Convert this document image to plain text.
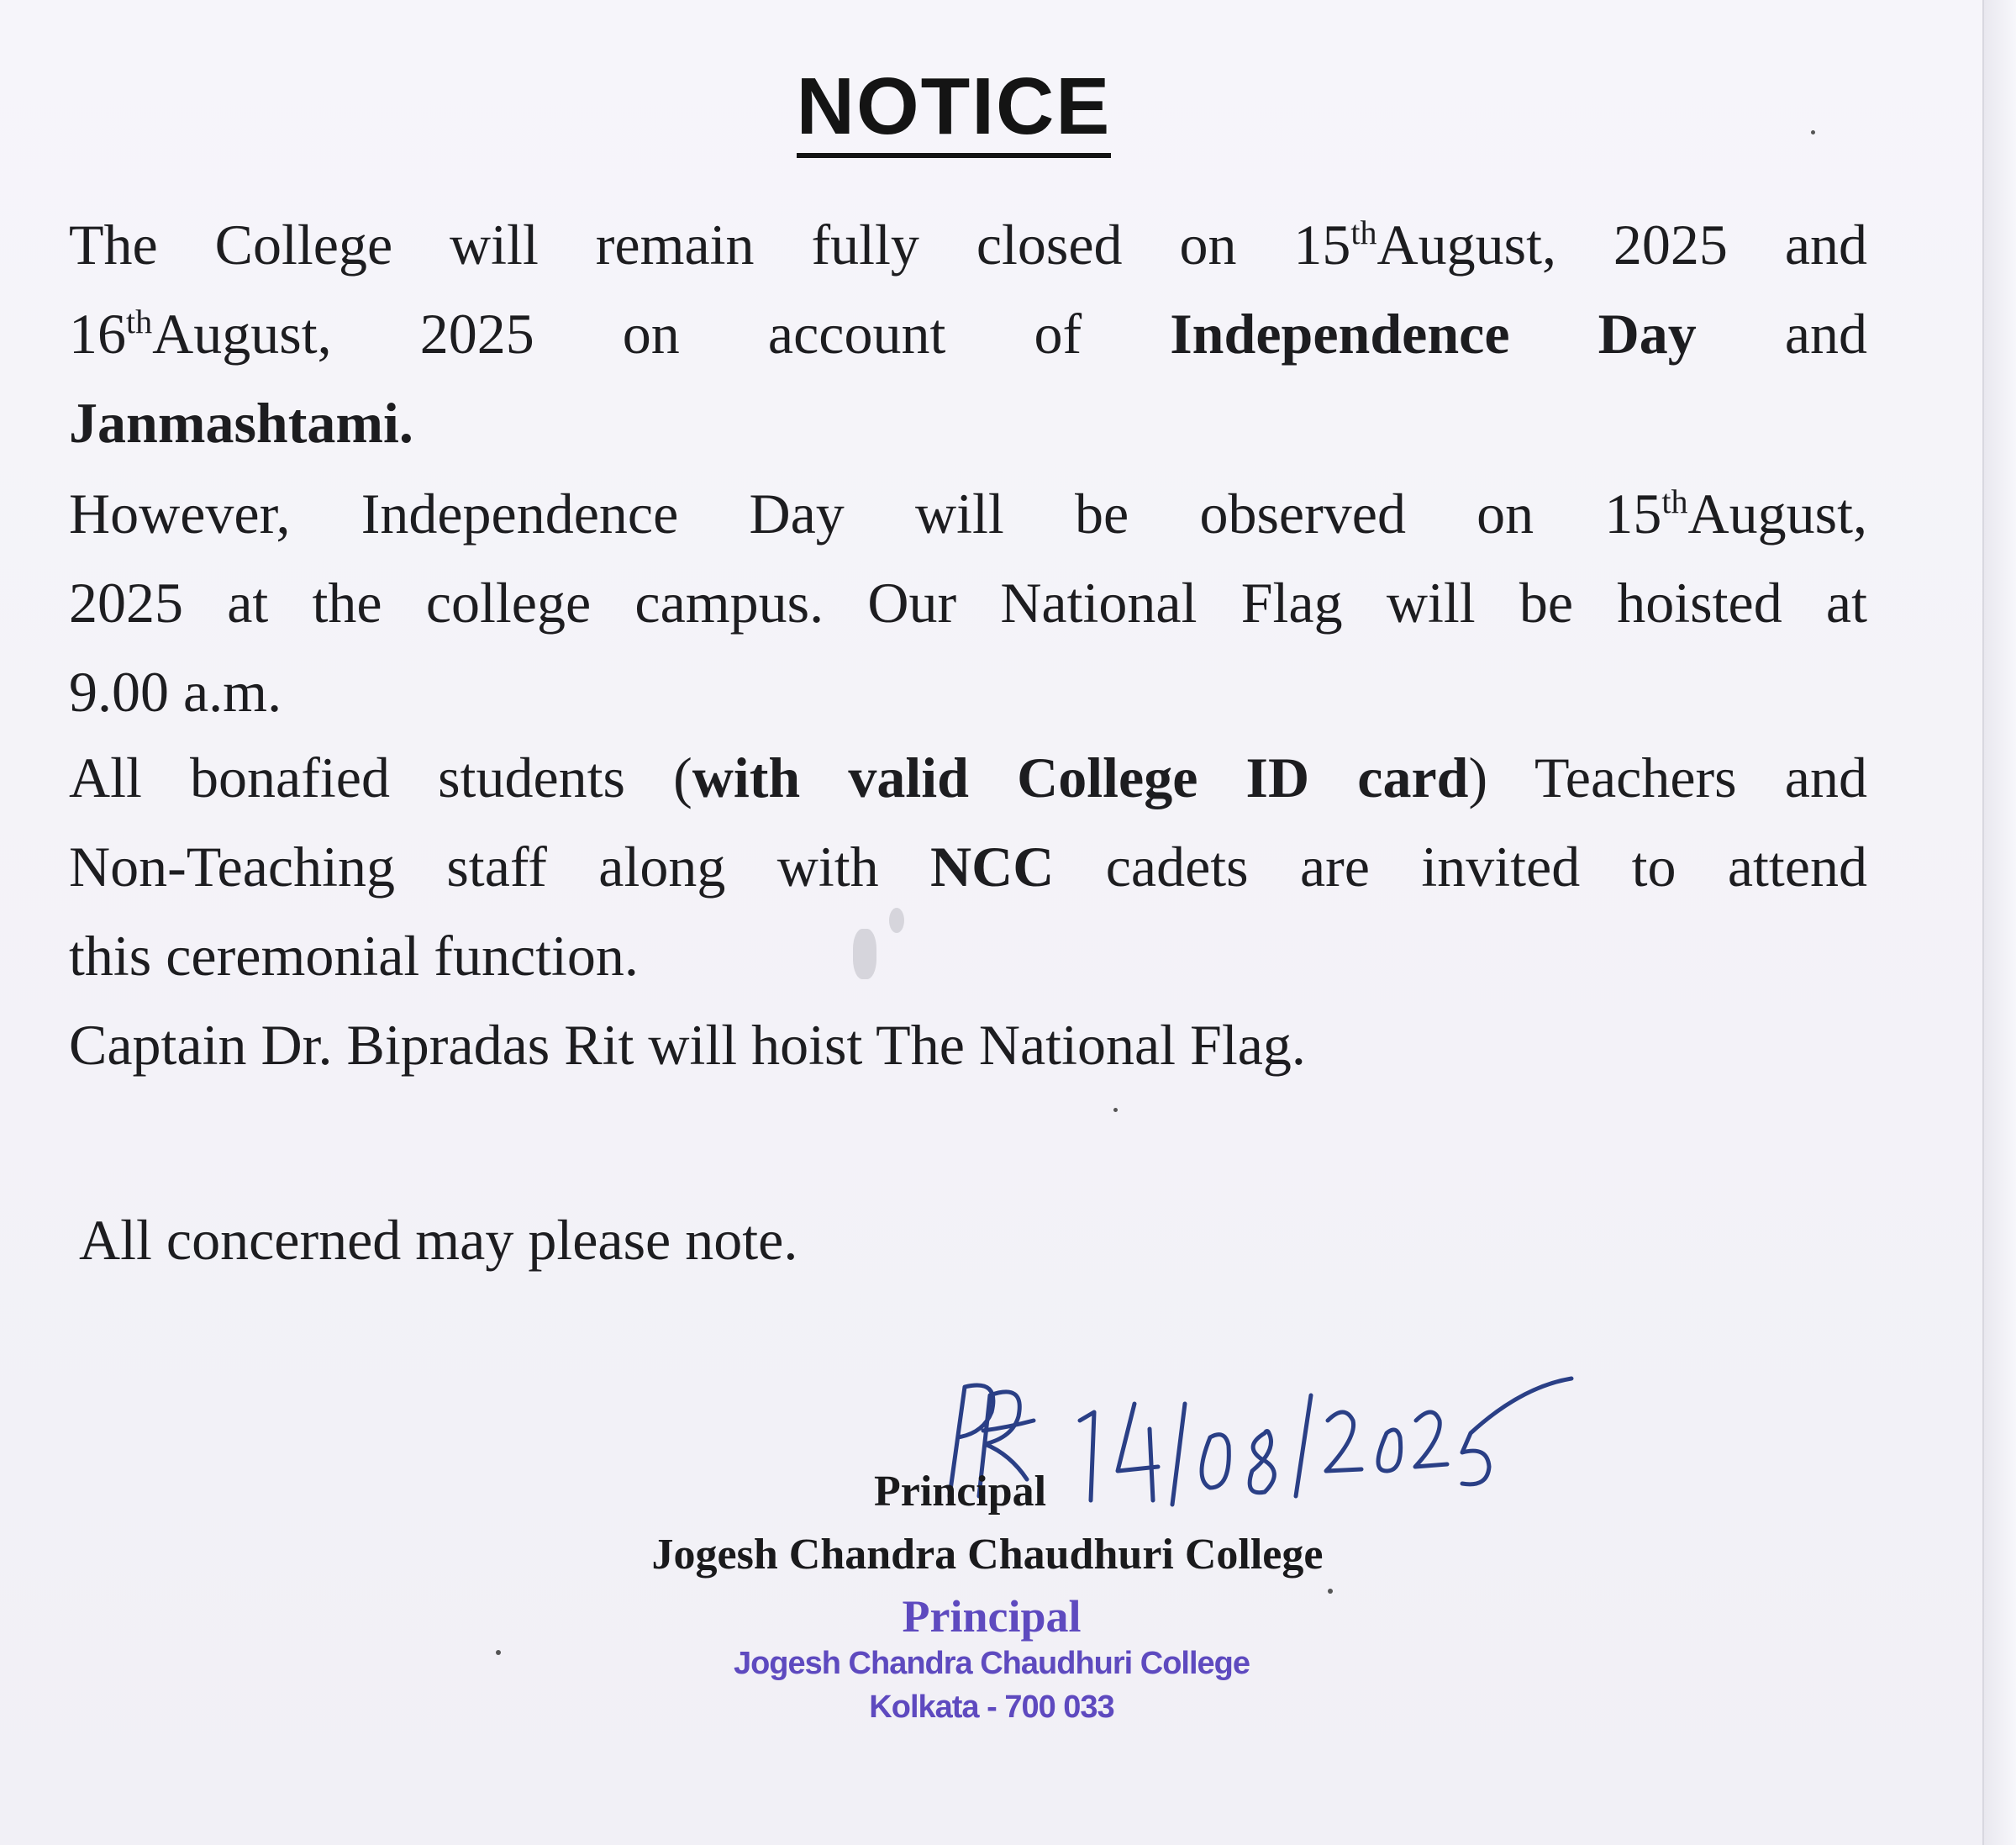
NOTICE
The College will remain fully closed on 15thAugust, 2025 and
16thAugust, 2025 on account of Independence Day and
Janmashtami.
However, Independence Day will be observed on 15thAugust,
2025 at the college campus. Our National Flag will be hoisted at
9.00 a.m.
All bonafied students (with valid College ID card) Teachers and
Non-Teaching staff along with NCC cadets are invited to attend
this ceremonial function.
Captain Dr. Bipradas Rit will hoist The National Flag.
All concerned may please note.
Principal
Jogesh Chandra Chaudhuri College
Principal
Jogesh Chandra Chaudhuri College
Kolkata - 700 033
